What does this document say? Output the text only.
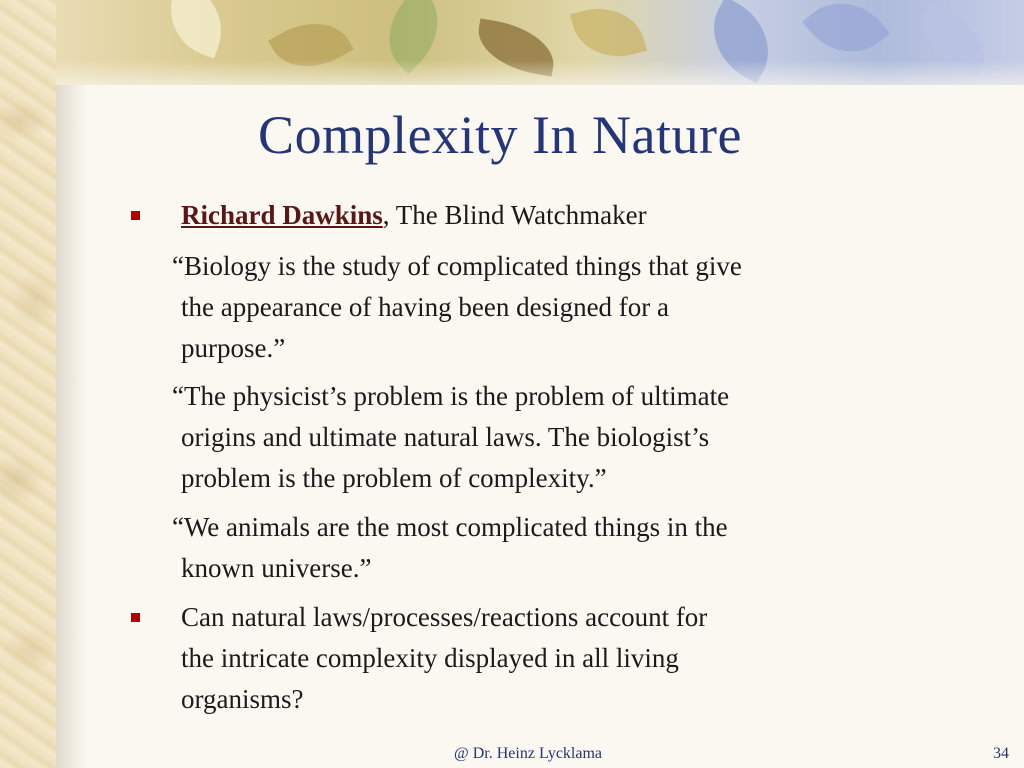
Complexity In Nature
Richard Dawkins, The Blind Watchmaker
“Biology is the study of complicated things that give
the appearance of having been designed for a
purpose.”
“The physicist’s problem is the problem of ultimate
origins and ultimate natural laws. The biologist’s
problem is the problem of complexity.”
“We animals are the most complicated things in the
known universe.”
Can natural laws/processes/reactions account for
the intricate complexity displayed in all living
organisms?
@ Dr. Heinz Lycklama	34
